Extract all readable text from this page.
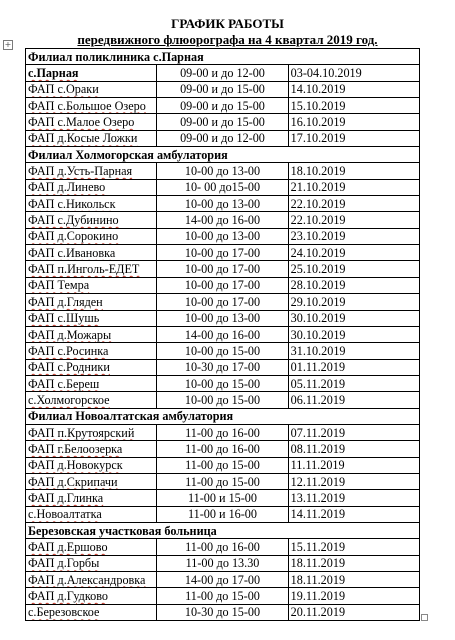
ГРАФИК РАБОТЫ
передвижного флюорографа на 4 квартал 2019 год.
+
Филиал поликлиника с.Парная		
с.Парная	09-00 и до 12-00	03-04.10.2019
ФАП с.Ораки	09-00 и до 15-00	14.10.2019
ФАП с.Большое Озеро	09-00 и до 15-00	15.10.2019
ФАП с.Малое Озеро	09-00 и до 15-00	16.10.2019
ФАП д.Косые Ложки	09-00 и до 12-00	17.10.2019
Филиал Холмогорская амбулатория		
ФАП д.Усть-Парная	10-00 до 13-00	18.10.2019
ФАП д.Линево	10- 00 до15-00	21.10.2019
ФАП с.Никольск	10-00 до 13-00	22.10.2019
ФАП с.Дубинино	14-00 до 16-00	22.10.2019
ФАП д.Сорокино	10-00 до 13-00	23.10.2019
ФАП с.Ивановка	10-00 до 17-00	24.10.2019
ФАП п.Инголь-ЕДЕТ	10-00 до 17-00	25.10.2019
ФАП Темра	10-00 до 17-00	28.10.2019
ФАП д.Гляден	10-00 до 17-00	29.10.2019
ФАП с.Шушь	10-00 до 13-00	30.10.2019
ФАП д.Можары	14-00 до 16-00	30.10.2019
ФАП с.Росинка	10-00 до 15-00	31.10.2019
ФАП с.Родники	10-30 до 17-00	01.11.2019
ФАП с.Береш	10-00 до 15-00	05.11.2019
с.Холмогорское	10-00 до 15-00	06.11.2019
Филиал Новоалтатская амбулатория		
ФАП п.Крутоярский	11-00 до 16-00	07.11.2019
ФАП г.Белоозерка	11-00 до 16-00	08.11.2019
ФАП д.Новокурск	11-00 до 15-00	11.11.2019
ФАП д.Скрипачи	11-00 до 15-00	12.11.2019
ФАП д.Глинка	11-00 и 15-00	13.11.2019
с.Новоалтатка	11-00 и 16-00	14.11.2019
Березовская участковая больница		
ФАП д.Ершово	11-00 до 16-00	15.11.2019
ФАП д.Горбы	11-00 до 13.30	18.11.2019
ФАП д.Александровка	14-00 до 17-00	18.11.2019
ФАП д.Гудково	11-00 до 15-00	19.11.2019
с.Березовское	10-30 до 15-00	20.11.2019
